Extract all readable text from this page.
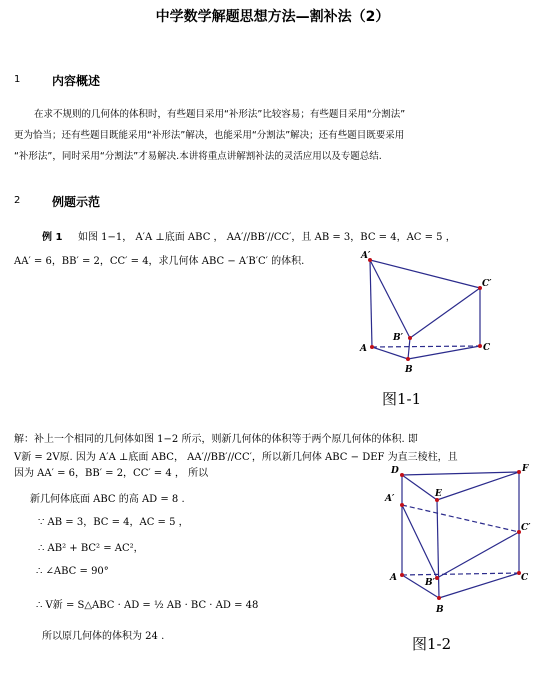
中学数学解题思想方法—割补法（2）
1	内容概述
在求不规则的几何体的体积时，有些题目采用“补形法”比较容易；有些题目采用“分割法”
更为恰当；还有些题目既能采用“补形法”解决，也能采用“分割法”解决；还有些题目既要采用
“补形法”，同时采用“分割法”才易解决.本讲将重点讲解割补法的灵活应用以及专题总结.
2	例题示范
例 1 如图 1−1， A′A ⊥底面 ABC ， AA′//BB′//CC′，且 AB = 3，BC = 4，AC = 5 ，
AA′ = 6，BB′ = 2，CC′ = 4，求几何体 ABC − A′B′C′ 的体积.	A′
C′
B′
A	C
B
图1-1
解：补上一个相同的几何体如图 1−2 所示，则新几何体的体积等于两个原几何体的体积. 即
V新 = 2V原. 因为 A′A ⊥底面 ABC， AA′//BB′//CC′，所以新几何体 ABC − DEF 为直三棱柱，且
因为 AA′ = 6，BB′ = 2，CC′ = 4 ， 所以
新几何体底面 ABC 的高 AD = 8 .
∵ AB = 3，BC = 4，AC = 5 ，
∴ AB² + BC² = AC²，
∴ ∠ABC = 90°
∴ V新 = S△ABC · AD = ½ AB · BC · AD = 48
所以原几何体的体积为 24 .
D	F
E
A′
C′
A	B′	C
B
图1-2
